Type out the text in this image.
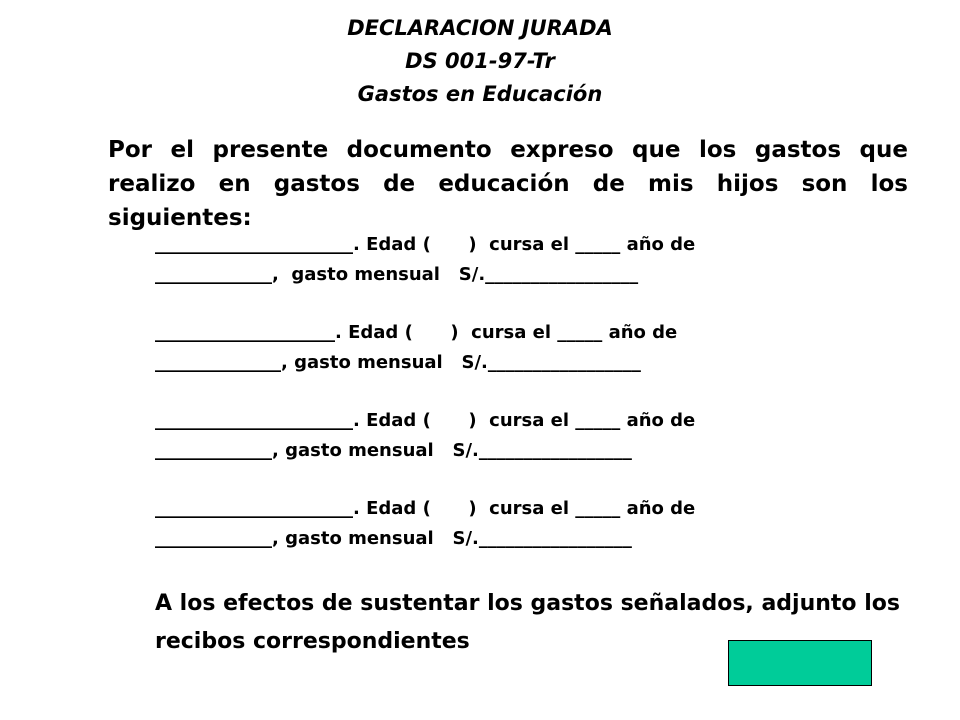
DECLARACION JURADA
DS 001-97-Tr
Gastos en Educación
Por el presente documento expreso que los gastos que realizo en gastos de educación de mis hijos son los siguientes:
______________________. Edad (      )  cursa el _____ año de
_____________,  gasto mensual   S/._________________
____________________. Edad (      )  cursa el _____ año de
______________, gasto mensual   S/._________________
______________________. Edad (      )  cursa el _____ año de
_____________, gasto mensual   S/._________________
______________________. Edad (      )  cursa el _____ año de
_____________, gasto mensual   S/._________________
A los efectos de sustentar los gastos señalados, adjunto los recibos correspondientes
